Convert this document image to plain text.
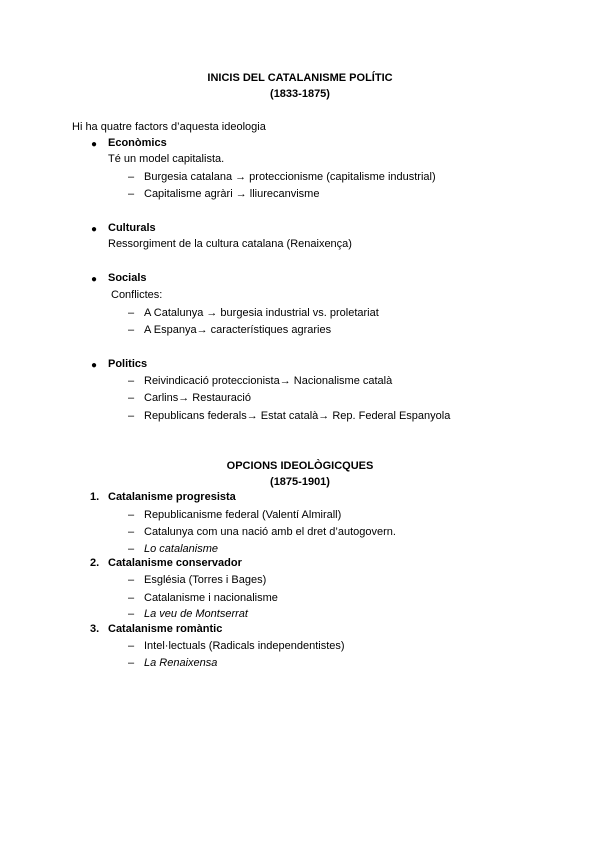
INICIS DEL CATALANISME POLÍTIC
(1833-1875)
Hi ha quatre factors d’aquesta ideologia
● Econòmics
Té un model capitalista.
– Burgesia catalana → proteccionisme (capitalisme industrial)
– Capitalisme agràri → lliurecanvisme
● Culturals
Ressorgiment de la cultura catalana (Renaixença)
● Socials
Conflictes:
– A Catalunya → burgesia industrial vs. proletariat
– A Espanya→ característiques agraries
● Politics
– Reivindicació proteccionista→ Nacionalisme català
– Carlins→ Restauració
– Republicans federals→ Estat català→ Rep. Federal Espanyola
OPCIONS IDEOLÒGICQUES
(1875-1901)
1. Catalanisme progresista
– Republicanisme federal (Valentí Almirall)
– Catalunya com una nació amb el dret d’autogovern.
– Lo catalanisme
2. Catalanisme conservador
– Església (Torres i Bages)
– Catalanisme i nacionalisme
– La veu de Montserrat
3. Catalanisme romàntic
– Intel·lectuals (Radicals independentistes)
– La Renaixensa
